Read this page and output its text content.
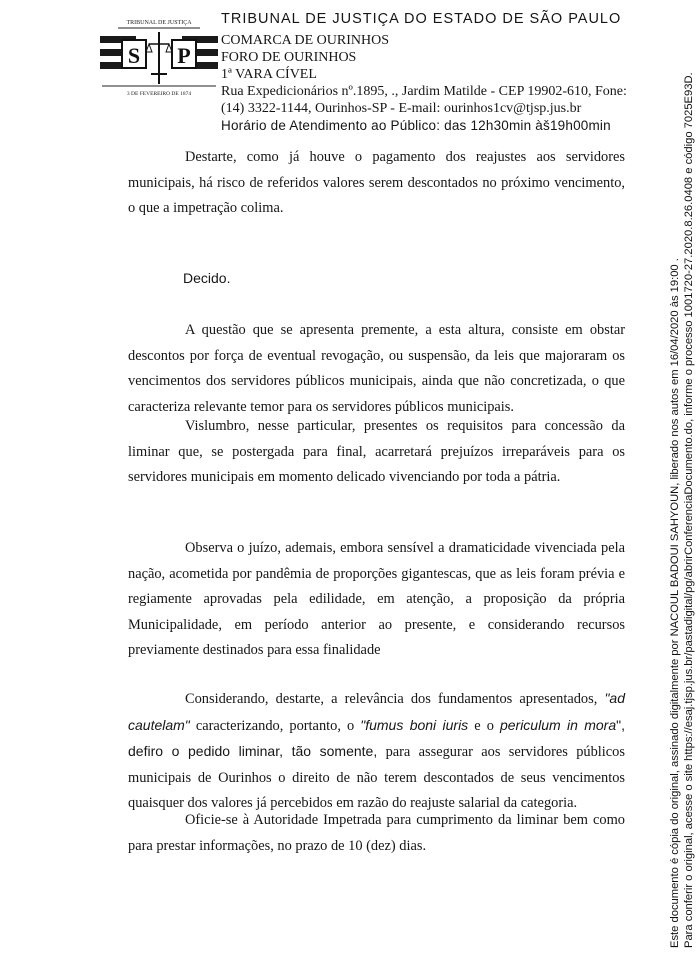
TRIBUNAL DE JUSTIÇA
S P
3 DE FEVEREIRO DE 1874
TRIBUNAL DE JUSTIÇA DO ESTADO DE SÃO PAULO
COMARCA DE OURINHOS
FORO DE OURINHOS
1ª VARA CÍVEL
Rua Expedicionários nº.1895, ., Jardim Matilde - CEP 19902-610, Fone:
(14) 3322-1144, Ourinhos-SP - E-mail: ourinhos1cv@tjsp.jus.br
Horário de Atendimento ao Público: das 12h30min àš19h00min

Destarte, como já houve o pagamento dos reajustes aos servidores municipais, há risco de referidos valores serem descontados no próximo vencimento, o que a impetração colima.

Decido.

A questão que se apresenta premente, a esta altura, consiste em obstar descontos por força de eventual revogação, ou suspensão, da leis que majoraram os vencimentos dos servidores públicos municipais, ainda que não concretizada, o que caracteriza relevante temor para os servidores públicos municipais.

Vislumbro, nesse particular, presentes os requisitos para concessão da liminar que, se postergada para final, acarretará prejuízos irreparáveis para os servidores municipais em momento delicado vivenciando por toda a pátria.

Observa o juízo, ademais, embora sensível a dramaticidade vivenciada pela nação, acometida por pandêmia de proporções gigantescas, que as leis foram prévia e regiamente aprovadas pela edilidade, em atenção, a proposição da própria Municipalidade, em período anterior ao presente, e considerando recursos previamente destinados para essa finalidade

Considerando, destarte, a relevância dos fundamentos apresentados, "ad cautelam" caracterizando, portanto, o "fumus boni iuris e o periculum in mora", defiro o pedido liminar, tão somente, para assegurar aos servidores públicos municipais de Ourinhos o direito de não terem descontados de seus vencimentos quaisquer dos valores já percebidos em razão do reajuste salarial da categoria.

Oficie-se à Autoridade Impetrada para cumprimento da liminar bem como para prestar informações, no prazo de 10 (dez) dias.	Este documento é cópia do original, assinado digitalmente por NACOUL BADOUI SAHYOUN, liberado nos autos em 16/04/2020 às 19:00 . Para conferir o original, acesse o site https://esaj.tjsp.jus.br/pastadigital/pg/abrirConferenciaDocumento.do, informe o processo 1001720-27.2020.8.26.0408 e código 7025E93D.
